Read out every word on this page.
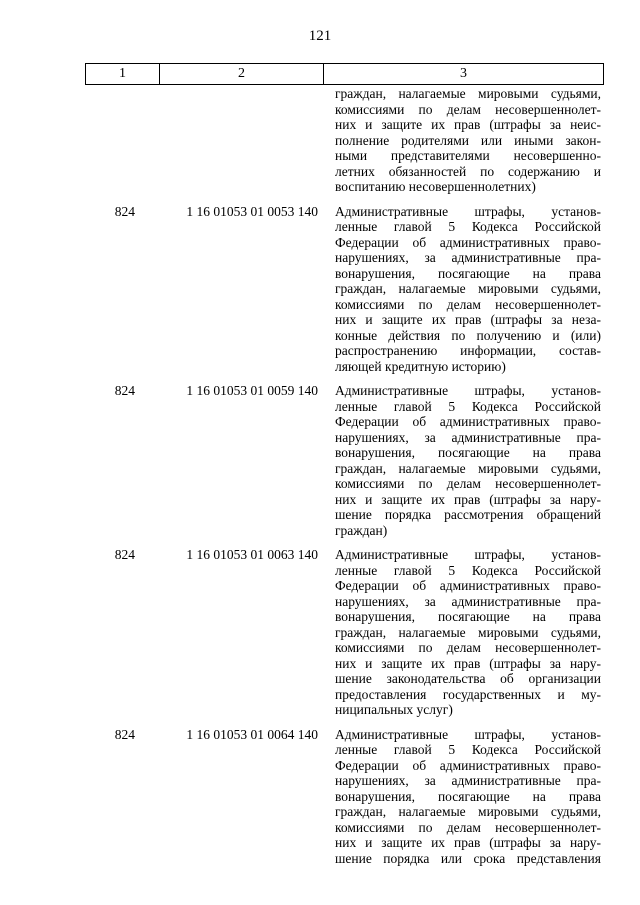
121
1	2	3
граждан, налагаемые мировыми судьями,
комиссиями по делам несовершеннолет-
них и защите их прав (штрафы за неис-
полнение родителями или иными закон-
ными представителями несовершенно-
летних обязанностей по содержанию и
воспитанию несовершеннолетних)
824	1 16 01053 01 0053 140	Административные штрафы, установ-
ленные главой 5 Кодекса Российской
Федерации об административных право-
нарушениях, за административные пра-
вонарушения, посягающие на права
граждан, налагаемые мировыми судьями,
комиссиями по делам несовершеннолет-
них и защите их прав (штрафы за неза-
конные действия по получению и (или)
распространению информации, состав-
ляющей кредитную историю)
824	1 16 01053 01 0059 140	Административные штрафы, установ-
ленные главой 5 Кодекса Российской
Федерации об административных право-
нарушениях, за административные пра-
вонарушения, посягающие на права
граждан, налагаемые мировыми судьями,
комиссиями по делам несовершеннолет-
них и защите их прав (штрафы за нару-
шение порядка рассмотрения обращений
граждан)
824	1 16 01053 01 0063 140	Административные штрафы, установ-
ленные главой 5 Кодекса Российской
Федерации об административных право-
нарушениях, за административные пра-
вонарушения, посягающие на права
граждан, налагаемые мировыми судьями,
комиссиями по делам несовершеннолет-
них и защите их прав (штрафы за нару-
шение законодательства об организации
предоставления государственных и му-
ниципальных услуг)
824	1 16 01053 01 0064 140	Административные штрафы, установ-
ленные главой 5 Кодекса Российской
Федерации об административных право-
нарушениях, за административные пра-
вонарушения, посягающие на права
граждан, налагаемые мировыми судьями,
комиссиями по делам несовершеннолет-
них и защите их прав (штрафы за нару-
шение порядка или срока представления
